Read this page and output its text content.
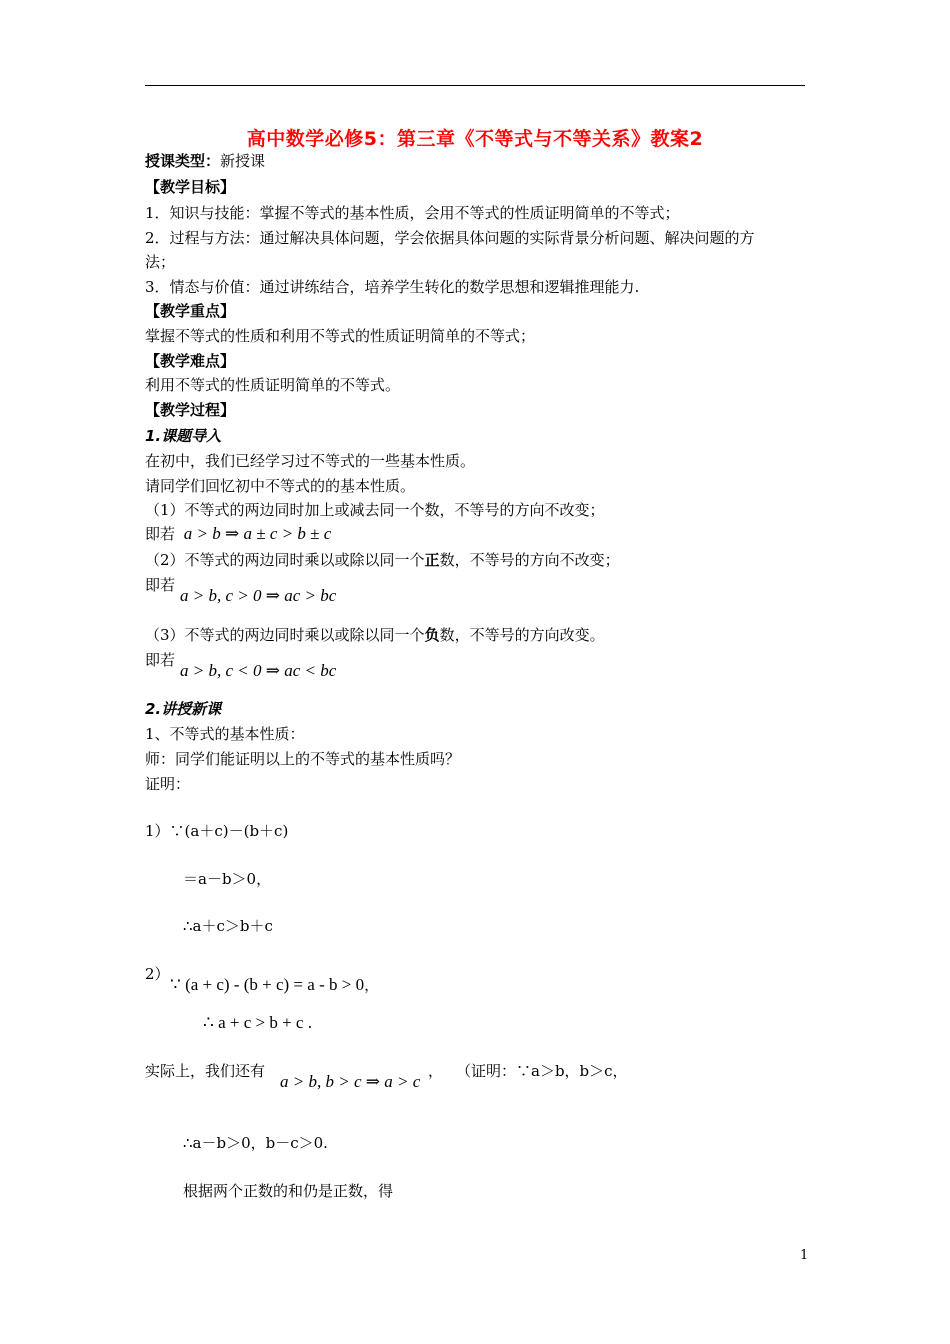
高中数学必修5：第三章《不等式与不等关系》教案2
授课类型：新授课
【教学目标】
1．知识与技能：掌握不等式的基本性质，会用不等式的性质证明简单的不等式；
2．过程与方法：通过解决具体问题，学会依据具体问题的实际背景分析问题、解决问题的方
法；
3．情态与价值：通过讲练结合，培养学生转化的数学思想和逻辑推理能力.
【教学重点】
掌握不等式的性质和利用不等式的性质证明简单的不等式；
【教学难点】
利用不等式的性质证明简单的不等式。
【教学过程】
1.课题导入
在初中，我们已经学习过不等式的一些基本性质。
请同学们回忆初中不等式的的基本性质。
（1）不等式的两边同时加上或减去同一个数，不等号的方向不改变；
即若 a > b ⇒ a ± c > b ± c
（2）不等式的两边同时乘以或除以同一个正数，不等号的方向不改变；
即若
a > b, c > 0 ⇒ ac > bc
（3）不等式的两边同时乘以或除以同一个负数，不等号的方向改变。
即若
a > b, c < 0 ⇒ ac < bc
2.讲授新课
1、不等式的基本性质：
师：同学们能证明以上的不等式的基本性质吗？
证明：
1）∵(a＋c)－(b＋c)
＝a－b＞0，
∴a＋c＞b＋c
2）
∵ (a + c) - (b + c) = a - b > 0，
∴ a + c > b + c .
实际上，我们还有
a > b, b > c ⇒ a > c
， （证明：∵a＞b，b＞c，
∴a－b＞0，b－c＞0.
根据两个正数的和仍是正数，得
1
